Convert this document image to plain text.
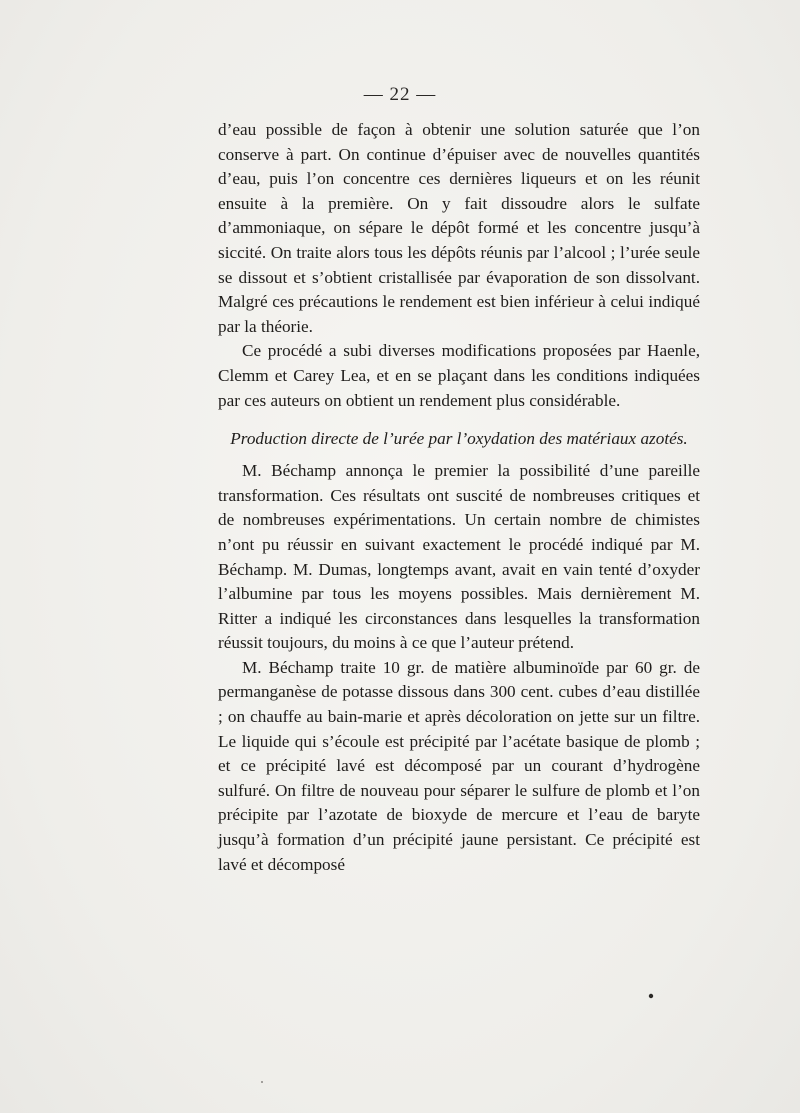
— 22 —

d’eau possible de façon à obtenir une solution saturée que l’on conserve à part. On continue d’épuiser avec de nouvelles quantités d’eau, puis l’on concentre ces dernières liqueurs et on les réunit ensuite à la première. On y fait dissoudre alors le sulfate d’ammoniaque, on sépare le dépôt formé et les concentre jusqu’à siccité. On traite alors tous les dépôts réunis par l’alcool ; l’urée seule se dissout et s’obtient cristallisée par évaporation de son dissolvant. Malgré ces précautions le rendement est bien inférieur à celui indiqué par la théorie.

Ce procédé a subi diverses modifications proposées par Haenle, Clemm et Carey Lea, et en se plaçant dans les conditions indiquées par ces auteurs on obtient un rendement plus considérable.

Production directe de l’urée par l’oxydation des matériaux azotés.

M. Béchamp annonça le premier la possibilité d’une pareille transformation. Ces résultats ont suscité de nombreuses critiques et de nombreuses expérimentations. Un certain nombre de chimistes n’ont pu réussir en suivant exactement le procédé indiqué par M. Béchamp. M. Dumas, longtemps avant, avait en vain tenté d’oxyder l’albumine par tous les moyens possibles. Mais dernièrement M. Ritter a indiqué les circonstances dans lesquelles la transformation réussit toujours, du moins à ce que l’auteur prétend.

M. Béchamp traite 10 gr. de matière albuminoïde par 60 gr. de permanganèse de potasse dissous dans 300 cent. cubes d’eau distillée ; on chauffe au bain-marie et après décoloration on jette sur un filtre. Le liquide qui s’écoule est précipité par l’acétate basique de plomb ; et ce précipité lavé est décomposé par un courant d’hydrogène sulfuré. On filtre de nouveau pour séparer le sulfure de plomb et l’on précipite par l’azotate de bioxyde de mercure et l’eau de baryte jusqu’à formation d’un précipité jaune persistant. Ce précipité est lavé et décomposé
